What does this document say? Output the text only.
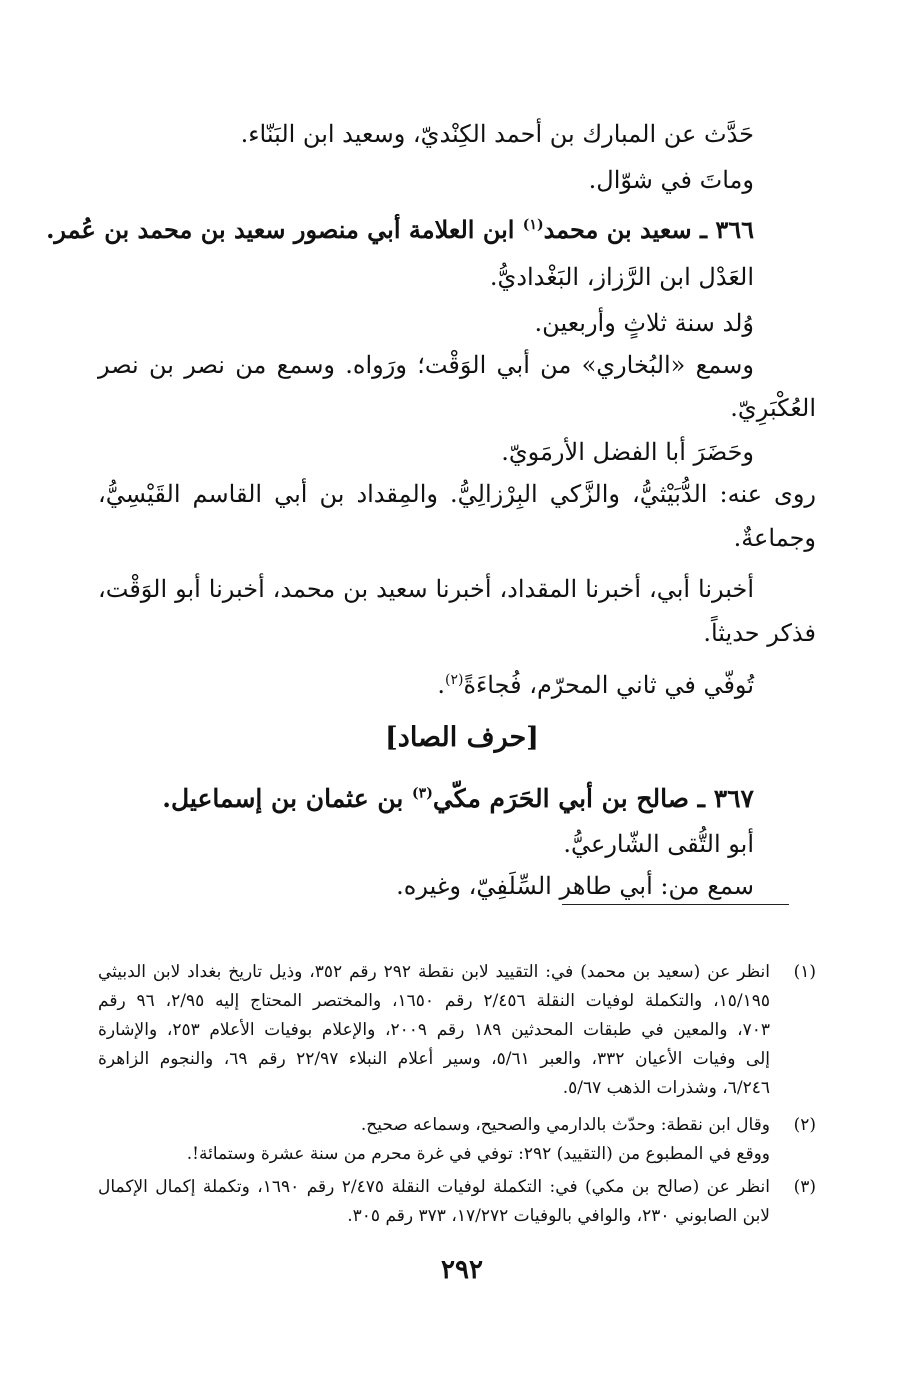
حَدَّث عن المبارك بن أحمد الكِنْديّ، وسعيد ابن البَنّاء.
وماتَ في شوّال.
٣٦٦ ـ سعيد بن محمد$^{(١)}$ ابن العلامة أبي منصور سعيد بن محمد بن عُمر.
العَدْل ابن الرَّزاز، البَغْداديُّ.
وُلد سنة ثلاثٍ وأربعين.
وسمع «البُخاري» من أبي الوَقْت؛ ورَواه. وسمع من نصر بن نصر
العُكْبَرِيّ.
وحَضَرَ أبا الفضل الأرمَويّ.
روى عنه: الدُّبَيْثيُّ، والزَّكي البِرْزالِيُّ. والمِقداد بن أبي القاسم القَيْسِيُّ،
وجماعةٌ.
أخبرنا أبي، أخبرنا المقداد، أخبرنا سعيد بن محمد، أخبرنا أبو الوَقْت،
فذكر حديثاً.
تُوفّي في ثاني المحرّم، فُجاءَةً$^{(٢)}$.
[حرف الصاد]
٣٦٧ ـ صالح بن أبي الحَرَم مكّي$^{(٣)}$ بن عثمان بن إسماعيل.
أبو التُّقى الشّارعيُّ.
سمع من: أبي طاهر السِّلَفِيّ، وغيره.
(١)
انظر عن (سعيد بن محمد) في: التقييد لابن نقطة ٢٩٢ رقم ٣٥٢، وذيل تاريخ بغداد لابن الدبيثي
١٥/١٩٥، والتكملة لوفيات النقلة ٢/٤٥٦ رقم ١٦٥٠، والمختصر المحتاج إليه ٢/٩٥، ٩٦ رقم
٧٠٣، والمعين في طبقات المحدثين ١٨٩ رقم ٢٠٠٩، والإعلام بوفيات الأعلام ٢٥٣، والإشارة
إلى وفيات الأعيان ٣٣٢، والعبر ٥/٦١، وسير أعلام النبلاء ٢٢/٩٧ رقم ٦٩، والنجوم الزاهرة
٦/٢٤٦، وشذرات الذهب ٥/٦٧.
(٢)
وقال ابن نقطة: وحدّث بالدارمي والصحيح، وسماعه صحيح.
ووقع في المطبوع من (التقييد) ٢٩٢: توفي في غرة محرم من سنة عشرة وستمائة!.
(٣)
انظر عن (صالح بن مكي) في: التكملة لوفيات النقلة ٢/٤٧٥ رقم ١٦٩٠، وتكملة إكمال الإكمال
لابن الصابوني ٢٣٠، والوافي بالوفيات ١٧/٢٧٢، ٣٧٣ رقم ٣٠٥.
٢٩٢
